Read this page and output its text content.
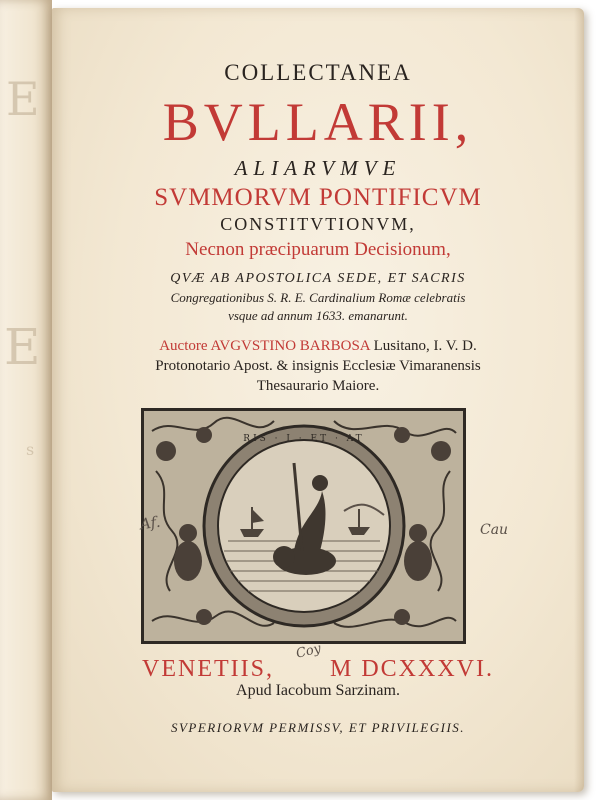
E
E
s
COLLECTANEA
BVLLARII,
ALIARVMVE
SVMMORVM PONTIFICVM
CONSTITVTIONVM,
Necnon præcipuarum Decisionum,
QVÆ AB APOSTOLICA SEDE, ET SACRIS
Congregationibus S. R. E. Cardinalium Romæ celebratis
vsque ad annum 1633. emanarunt.
Auctore AVGVSTINO BARBOSA Lusitano, I. V. D.
Protonotario Apost. & insignis Ecclesiæ Vimaranensis
Thesaurario Maiore.
RIS · I · ET · AT
VENETIIS, M DCXXXVI.
Apud Iacobum Sarzinam.
SVPERIORVM PERMISSV, ET PRIVILEGIIS.
Af.	Cau
Coy
